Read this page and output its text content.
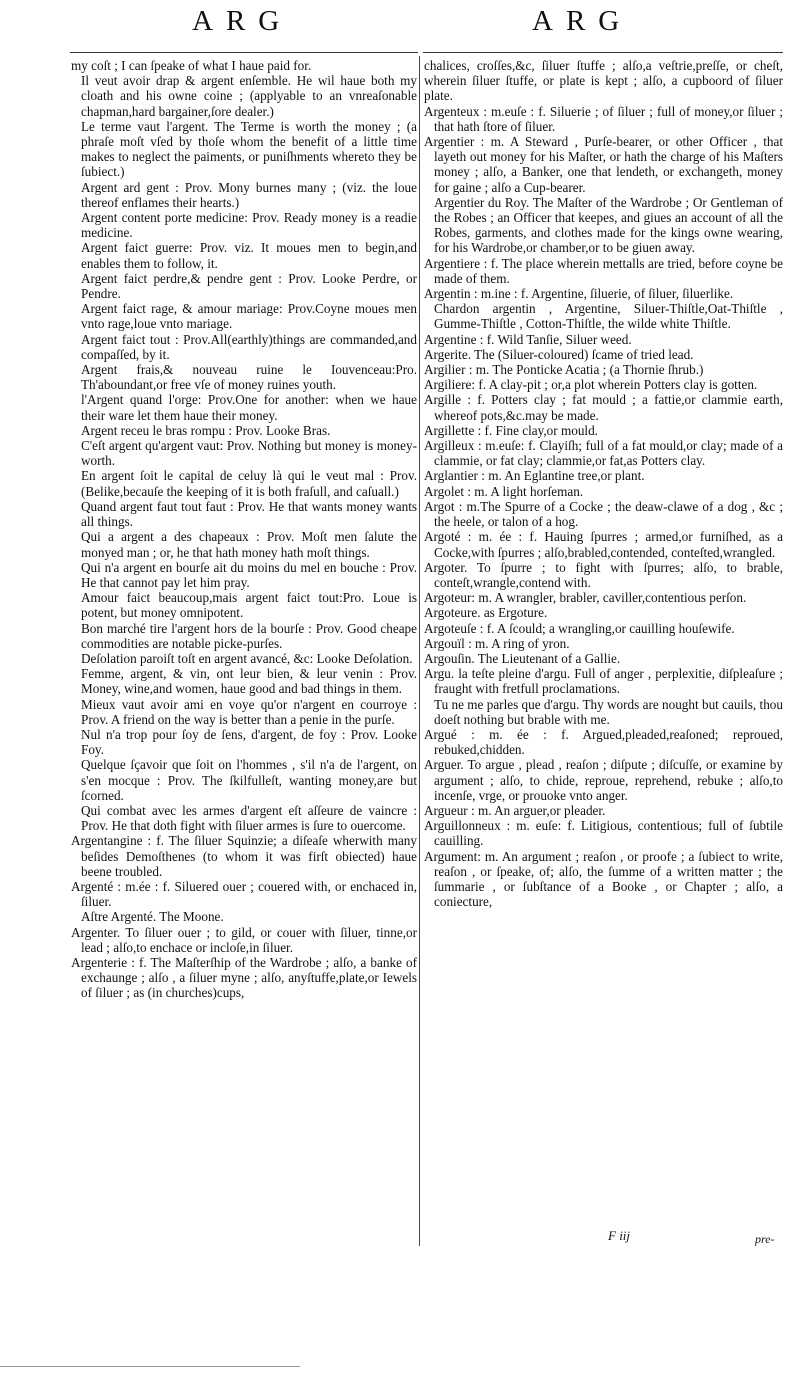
ARG	ARG
my coſt ; I can ſpeake of what I haue paid for.
Il veut avoir drap & argent enſemble. He wil haue both my cloath and his owne coine ; (applyable to an vnreaſonable chapman,hard bargainer,ſore dealer.)
Le terme vaut l'argent. The Terme is worth the money ; (a phraſe moſt vſed by thoſe whom the benefit of a little time makes to neglect the paiments, or puniſhments whereto they be ſubiect.)
Argent ard gent : Prov. Mony burnes many ; (viz. the loue thereof enflames their hearts.)
Argent content porte medicine: Prov. Ready money is a readie medicine.
Argent faict guerre: Prov. viz. It moues men to begin,and enables them to follow, it.
Argent faict perdre,& pendre gent : Prov. Looke Perdre, or Pendre.
Argent faict rage, & amour mariage: Prov.Coyne moues men vnto rage,loue vnto mariage.
Argent faict tout : Prov.All(earthly)things are commanded,and compaſſed, by it.
Argent frais,& nouveau ruine le Iouvenceau:Pro. Th'aboundant,or free vſe of money ruines youth.
l'Argent quand l'orge: Prov.One for another: when we haue their ware let them haue their money.
Argent receu le bras rompu : Prov. Looke Bras.
C'eſt argent qu'argent vaut: Prov. Nothing but money is money-worth.
En argent ſoit le capital de celuy là qui le veut mal : Prov. (Belike,becauſe the keeping of it is both fraſull, and caſuall.)
Quand argent faut tout faut : Prov. He that wants money wants all things.
Qui a argent a des chapeaux : Prov. Moſt men ſalute the monyed man ; or, he that hath money hath moſt things.
Qui n'a argent en bourſe ait du moins du mel en bouche : Prov. He that cannot pay let him pray.
Amour faict beaucoup,mais argent faict tout:Pro. Loue is potent, but money omnipotent.
Bon marché tire l'argent hors de la bourſe : Prov. Good cheape commodities are notable picke-purſes.
Deſolation paroiſt toſt en argent avancé, &c: Looke Deſolation.
Femme, argent, & vin, ont leur bien, & leur venin : Prov. Money, wine,and women, haue good and bad things in them.
Mieux vaut avoir ami en voye qu'or n'argent en courroye : Prov. A friend on the way is better than a penie in the purſe.
Nul n'a trop pour ſoy de ſens, d'argent, de foy : Prov. Looke Foy.
Quelque ſçavoir que ſoit on l'hommes , s'il n'a de l'argent, on s'en mocque : Prov. The ſkilfulleſt, wanting money,are but ſcorned.
Qui combat avec les armes d'argent eſt aſſeure de vaincre : Prov. He that doth fight with ſiluer armes is ſure to ouercome.
Argentangine : f. The ſiluer Squinzie; a diſeaſe wherwith many beſides Demoſthenes (to whom it was firſt obiected) haue beene troubled.
Argenté : m.ée : f. Siluered ouer ; couered with, or enchaced in, ſiluer.
Aſtre Argenté. The Moone.
Argenter. To ſiluer ouer ; to gild, or couer with ſiluer, tinne,or lead ; alſo,to enchace or incloſe,in ſiluer.
Argenterie : f. The Maſterſhip of the Wardrobe ; alſo, a banke of exchaunge ; alſo , a ſiluer myne ; alſo, anyſtuffe,plate,or Iewels of ſiluer ; as (in churches)cups,
chalices, croſſes,&c, ſiluer ſtuffe ; alſo,a veſtrie,preſſe, or cheſt, wherein ſiluer ſtuffe, or plate is kept ; alſo, a cupboord of ſiluer plate.
Argenteux : m.euſe : f. Siluerie ; of ſiluer ; full of money,or ſiluer ; that hath ſtore of ſiluer.
Argentier : m. A Steward , Purſe-bearer, or other Officer , that layeth out money for his Maſter, or hath the charge of his Maſters money ; alſo, a Banker, one that lendeth, or exchangeth, money for gaine ; alſo a Cup-bearer.
Argentier du Roy. The Maſter of the Wardrobe ; Or Gentleman of the Robes ; an Officer that keepes, and giues an account of all the Robes, garments, and clothes made for the kings owne wearing, for his Wardrobe,or chamber,or to be giuen away.
Argentiere : f. The place wherein mettalls are tried, before coyne be made of them.
Argentin : m.ine : f. Argentine, ſiluerie, of ſiluer, ſiluerlike.
Chardon argentin , Argentine, Siluer-Thiſtle,Oat-Thiſtle , Gumme-Thiſtle , Cotton-Thiſtle, the wilde white Thiſtle.
Argentine : f. Wild Tanſie, Siluer weed.
Argerite. The (Siluer-coloured) ſcame of tried lead.
Argilier : m. The Ponticke Acatia ; (a Thornie ſhrub.)
Argiliere: f. A clay-pit ; or,a plot wherein Potters clay is gotten.
Argille : f. Potters clay ; fat mould ; a fattie,or clammie earth, whereof pots,&c.may be made.
Argillette : f. Fine clay,or mould.
Argilleux : m.euſe: f. Clayiſh; full of a fat mould,or clay; made of a clammie, or fat clay; clammie,or fat,as Potters clay.
Arglantier : m. An Eglantine tree,or plant.
Argolet : m. A light horſeman.
Argot : m.The Spurre of a Cocke ; the deaw-clawe of a dog , &c ; the heele, or talon of a hog.
Argoté : m. ée : f. Hauing ſpurres ; armed,or furniſhed, as a Cocke,with ſpurres ; alſo,brabled,contended, conteſted,wrangled.
Argoter. To ſpurre ; to fight with ſpurres; alſo, to brable, conteſt,wrangle,contend with.
Argoteur: m. A wrangler, brabler, caviller,contentious perſon.
Argoteure. as Ergoture.
Argoteuſe : f. A ſcould; a wrangling,or cauilling houſewife.
Argouïl : m. A ring of yron.
Argouſin. The Lieutenant of a Gallie.
Argu. la teſte pleine d'argu. Full of anger , perplexitie, diſpleaſure ; fraught with fretfull proclamations.
Tu ne me parles que d'argu. Thy words are nought but cauils, thou doeſt nothing but brable with me.
Argué : m. ée : f. Argued,pleaded,reaſoned; reproued, rebuked,chidden.
Arguer. To argue , plead , reaſon ; diſpute ; diſcuſſe, or examine by argument ; alſo, to chide, reproue, reprehend, rebuke ; alſo,to incenſe, vrge, or prouoke vnto anger.
Argueur : m. An arguer,or pleader.
Arguillonneux : m. euſe: f. Litigious, contentious; full of ſubtile cauilling.
Argument: m. An argument ; reaſon , or proofe ; a ſubiect to write, reaſon , or ſpeake, of; alſo, the ſumme of a written matter ; the ſummarie , or ſubſtance of a Booke , or Chapter ; alſo, a coniecture,
F iij	pre-
